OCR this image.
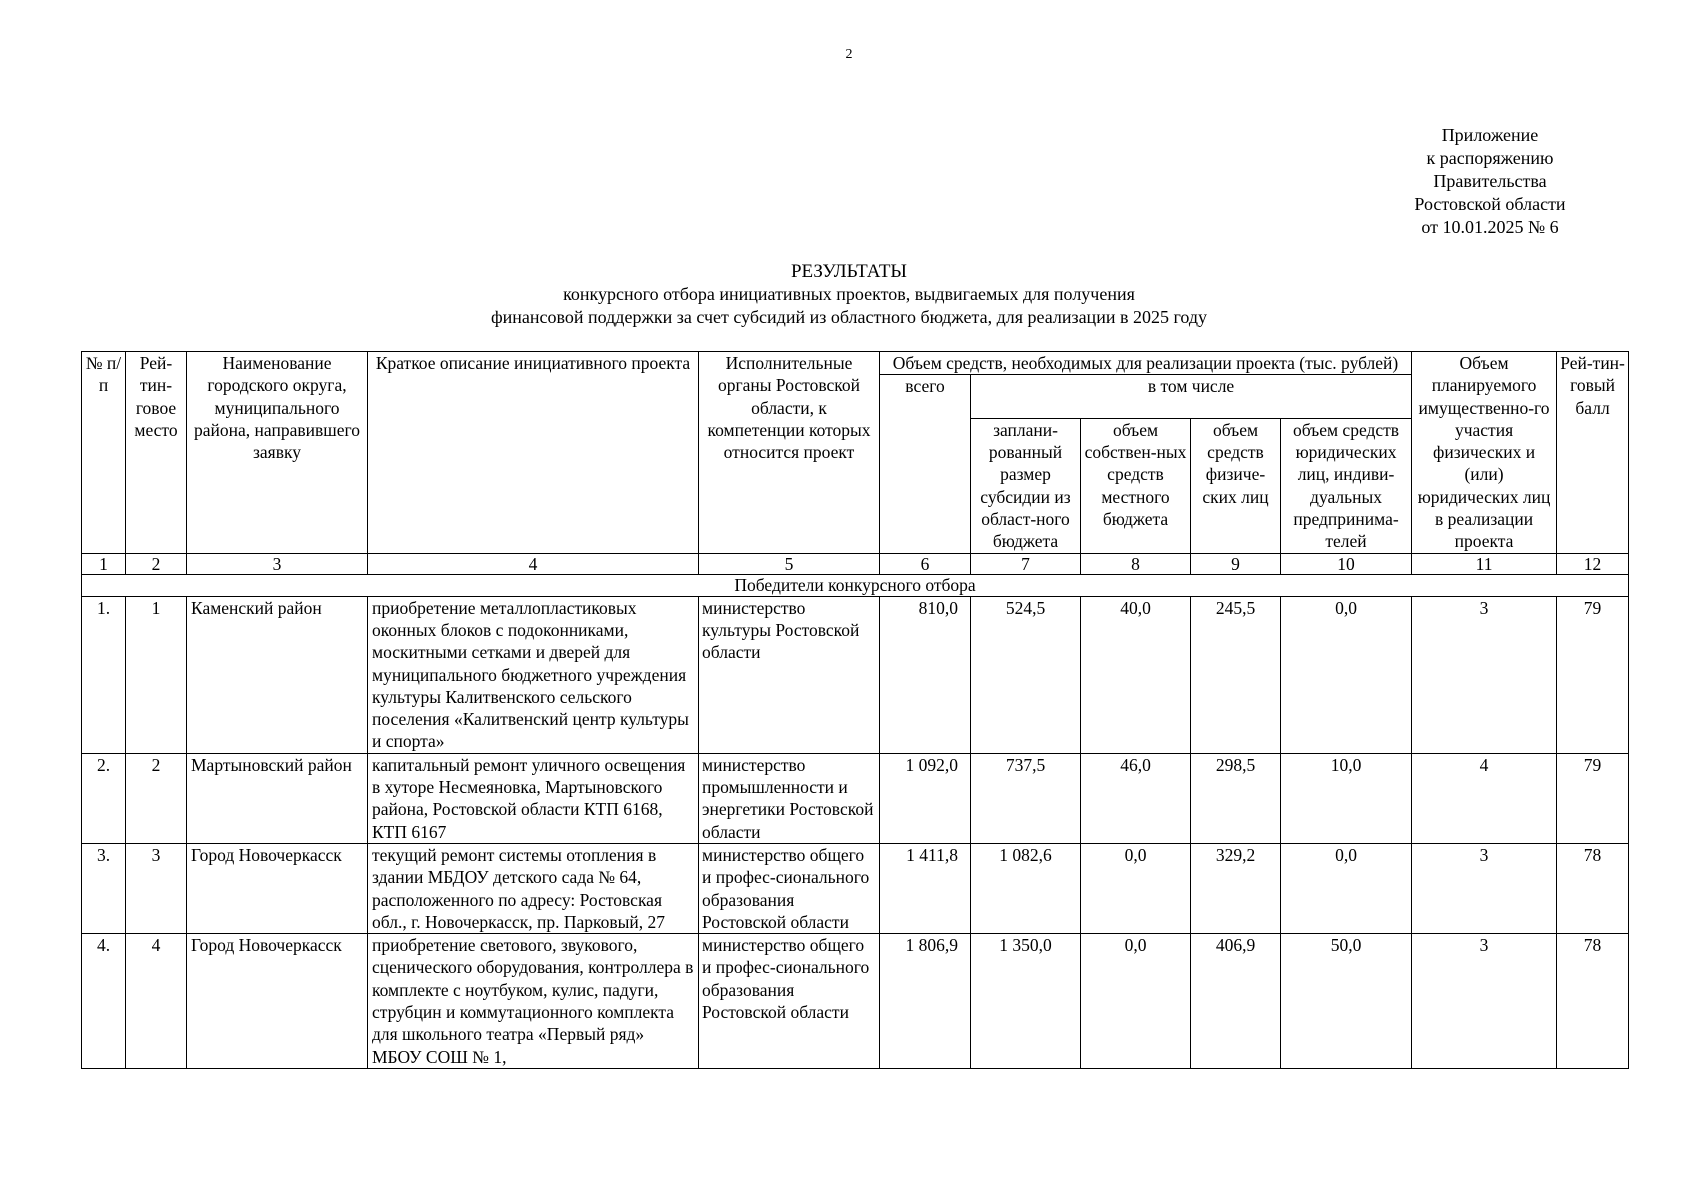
2
Приложение
к распоряжению
Правительства
Ростовской области
от 10.01.2025 № 6
РЕЗУЛЬТАТЫ
конкурсного отбора инициативных проектов, выдвигаемых для получения
финансовой поддержки за счет субсидий из областного бюджета, для реализации в 2025 году
№ п/п	Рей-тин-говое место	Наименование городского округа, муниципального района, направившего заявку	Краткое описание инициативного проекта	Исполнительные органы Ростовской области, к компетенции которых относится проект	Объем средств, необходимых для реализации проекта (тыс. рублей)					Объем планируемого имущественно-го участия физических и (или) юридических лиц в реализации проекта	Рей-тин-говый балл
					всего	в том числе					
						заплани-рованный размер субсидии из област-ного бюджета	объем собствен-ных средств местного бюджета	объем средств физиче-ских лиц	объем средств юридических лиц, индиви-дуальных предпринима-телей		
1	2	3	4	5	6	7	8	9	10	11	12
Победители конкурсного отбора											
1.	1	Каменский район	приобретение металлопластиковых оконных блоков с подоконниками, москитными сетками и дверей для муниципального бюджетного учреждения культуры Калитвенского сельского поселения «Калитвенский центр культуры и спорта»	министерство культуры Ростовской области	810,0	524,5	40,0	245,5	0,0	3	79
2.	2	Мартыновский район	капитальный ремонт уличного освещения в хуторе Несмеяновка, Мартыновского района, Ростовской области КТП 6168, КТП 6167	министерство промышленности и энергетики Ростовской области	1 092,0	737,5	46,0	298,5	10,0	4	79
3.	3	Город Новочеркасск	текущий ремонт системы отопления в здании МБДОУ детского сада № 64, расположенного по адресу: Ростовская обл., г. Новочеркасск, пр. Парковый, 27	министерство общего и профес-сионального образования Ростовской области	1 411,8	1 082,6	0,0	329,2	0,0	3	78
4.	4	Город Новочеркасск	приобретение светового, звукового, сценического оборудования, контроллера в комплекте с ноутбуком, кулис, падуги, струбцин и коммутационного комплекта для школьного театра «Первый ряд» МБОУ СОШ № 1,	министерство общего и профес-сионального образования Ростовской области	1 806,9	1 350,0	0,0	406,9	50,0	3	78
